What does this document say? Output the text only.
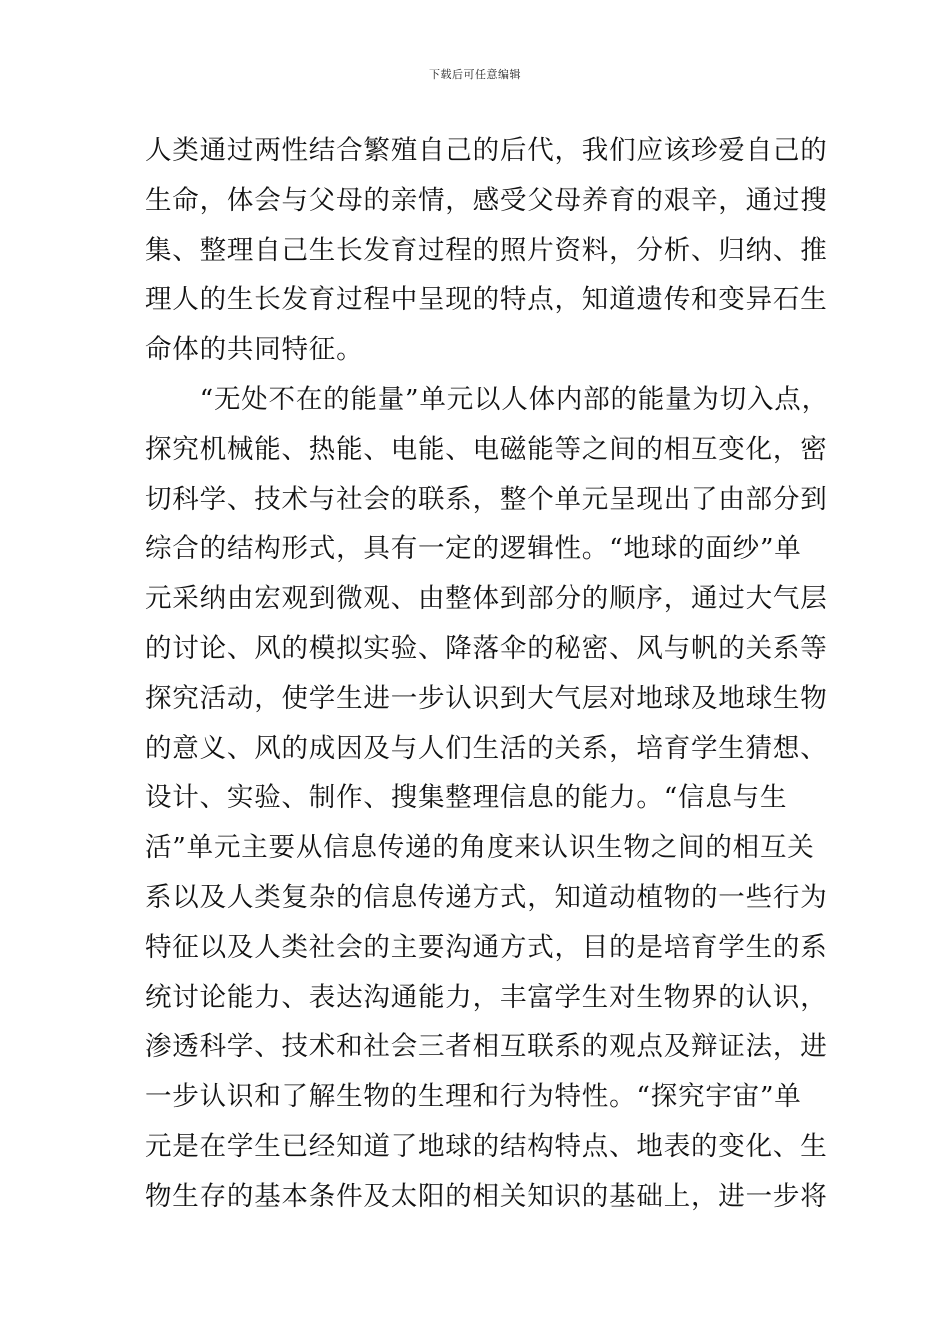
下载后可任意编辑
人类通过两性结合繁殖自己的后代，我们应该珍爱自己的
生命，体会与父母的亲情，感受父母养育的艰辛，通过搜
集、整理自己生长发育过程的照片资料，分析、归纳、推
理人的生长发育过程中呈现的特点，知道遗传和变异石生
命体的共同特征。
　　“无处不在的能量”单元以人体内部的能量为切入点，
探究机械能、热能、电能、电磁能等之间的相互变化，密
切科学、技术与社会的联系，整个单元呈现出了由部分到
综合的结构形式，具有一定的逻辑性。“地球的面纱”单
元采纳由宏观到微观、由整体到部分的顺序，通过大气层
的讨论、风的模拟实验、降落伞的秘密、风与帆的关系等
探究活动，使学生进一步认识到大气层对地球及地球生物
的意义、风的成因及与人们生活的关系，培育学生猜想、
设计、实验、制作、搜集整理信息的能力。“信息与生
活”单元主要从信息传递的角度来认识生物之间的相互关
系以及人类复杂的信息传递方式，知道动植物的一些行为
特征以及人类社会的主要沟通方式，目的是培育学生的系
统讨论能力、表达沟通能力，丰富学生对生物界的认识，
渗透科学、技术和社会三者相互联系的观点及辩证法，进
一步认识和了解生物的生理和行为特性。“探究宇宙”单
元是在学生已经知道了地球的结构特点、地表的变化、生
物生存的基本条件及太阳的相关知识的基础上，进一步将
